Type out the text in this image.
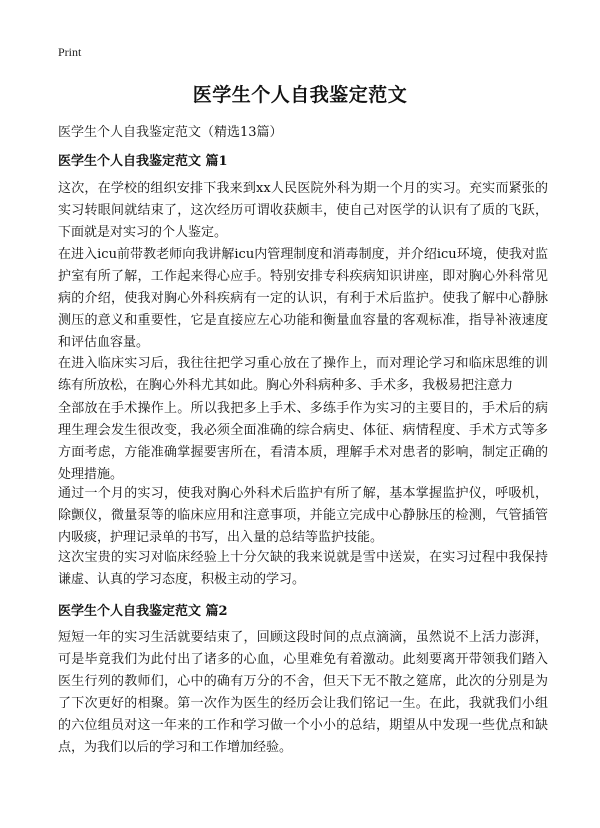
Print
医学生个人自我鉴定范文
医学生个人自我鉴定范文（精选13篇）
医学生个人自我鉴定范文 篇1
这次，在学校的组织安排下我来到xx人民医院外科为期一个月的实习。充实而紧张的实习转眼间就结束了，这次经历可谓收获颇丰，使自己对医学的认识有了质的飞跃，下面就是对实习的个人鉴定。
在进入icu前带教老师向我讲解icu内管理制度和消毒制度，并介绍icu环境，使我对监护室有所了解，工作起来得心应手。特别安排专科疾病知识讲座，即对胸心外科常见病的介绍，使我对胸心外科疾病有一定的认识，有利于术后监护。使我了解中心静脉测压的意义和重要性，它是直接应左心功能和衡量血容量的客观标准，指导补液速度和评估血容量。
在进入临床实习后，我往往把学习重心放在了操作上，而对理论学习和临床思维的训练有所放松，在胸心外科尤其如此。胸心外科病种多、手术多，我极易把注意力
全部放在手术操作上。所以我把多上手术、多练手作为实习的主要目的，手术后的病理生理会发生很改变，我必须全面准确的综合病史、体征、病情程度、手术方式等多方面考虑，方能准确掌握要害所在，看清本质，理解手术对患者的影响，制定正确的处理措施。
通过一个月的实习，使我对胸心外科术后监护有所了解，基本掌握监护仪，呼吸机，除颤仪，微量泵等的临床应用和注意事项，并能立完成中心静脉压的检测，气管插管内吸痰，护理记录单的书写，出入量的总结等监护技能。
这次宝贵的实习对临床经验上十分欠缺的我来说就是雪中送炭，在实习过程中我保持谦虚、认真的学习态度，积极主动的学习。
医学生个人自我鉴定范文 篇2
短短一年的实习生活就要结束了，回顾这段时间的点点滴滴，虽然说不上活力澎湃，可是毕竟我们为此付出了诸多的心血，心里难免有着激动。此刻要离开带领我们踏入医生行列的教师们，心中的确有万分的不舍，但天下无不散之筵席，此次的分别是为了下次更好的相聚。第一次作为医生的经历会让我们铭记一生。在此，我就我们小组的六位组员对这一年来的工作和学习做一个小小的总结，期望从中发现一些优点和缺点，为我们以后的学习和工作增加经验。
